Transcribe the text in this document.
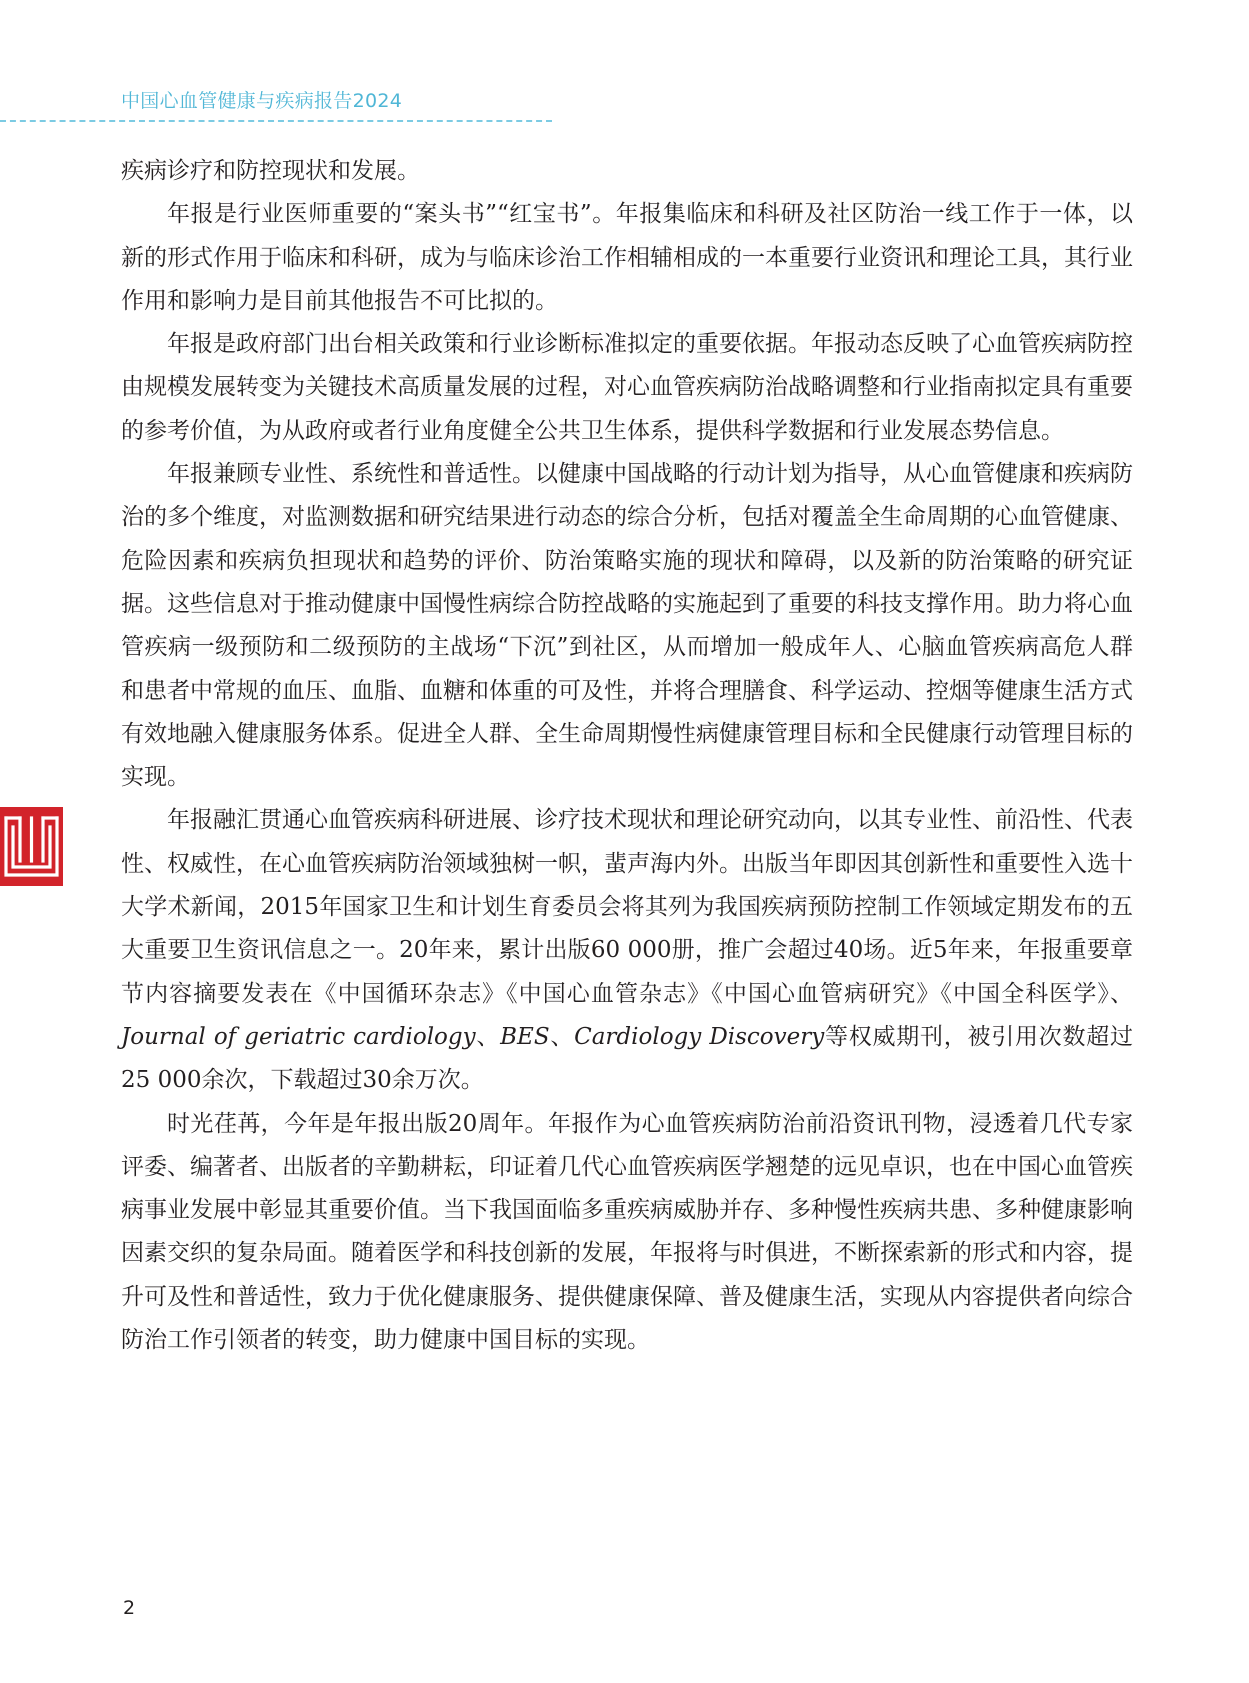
中国心血管健康与疾病报告2024

疾病诊疗和防控现状和发展。

年报是行业医师重要的“案头书”“红宝书”。年报集临床和科研及社区防治一线工作于一体，以新的形式作用于临床和科研，成为与临床诊治工作相辅相成的一本重要行业资讯和理论工具，其行业作用和影响力是目前其他报告不可比拟的。

年报是政府部门出台相关政策和行业诊断标准拟定的重要依据。年报动态反映了心血管疾病防控由规模发展转变为关键技术高质量发展的过程，对心血管疾病防治战略调整和行业指南拟定具有重要的参考价值，为从政府或者行业角度健全公共卫生体系，提供科学数据和行业发展态势信息。

年报兼顾专业性、系统性和普适性。以健康中国战略的行动计划为指导，从心血管健康和疾病防治的多个维度，对监测数据和研究结果进行动态的综合分析，包括对覆盖全生命周期的心血管健康、危险因素和疾病负担现状和趋势的评价、防治策略实施的现状和障碍，以及新的防治策略的研究证据。这些信息对于推动健康中国慢性病综合防控战略的实施起到了重要的科技支撑作用。助力将心血管疾病一级预防和二级预防的主战场“下沉”到社区，从而增加一般成年人、心脑血管疾病高危人群和患者中常规的血压、血脂、血糖和体重的可及性，并将合理膳食、科学运动、控烟等健康生活方式有效地融入健康服务体系。促进全人群、全生命周期慢性病健康管理目标和全民健康行动管理目标的实现。

年报融汇贯通心血管疾病科研进展、诊疗技术现状和理论研究动向，以其专业性、前沿性、代表性、权威性，在心血管疾病防治领域独树一帜，蜚声海内外。出版当年即因其创新性和重要性入选十大学术新闻，2015年国家卫生和计划生育委员会将其列为我国疾病预防控制工作领域定期发布的五大重要卫生资讯信息之一。20年来，累计出版60 000册，推广会超过40场。近5年来，年报重要章节内容摘要发表在《中国循环杂志》《中国心血管杂志》《中国心血管病研究》《中国全科医学》、Journal of geriatric cardiology、BES、Cardiology Discovery等权威期刊，被引用次数超过25 000余次，下载超过30余万次。

时光荏苒，今年是年报出版20周年。年报作为心血管疾病防治前沿资讯刊物，浸透着几代专家评委、编著者、出版者的辛勤耕耘，印证着几代心血管疾病医学翘楚的远见卓识，也在中国心血管疾病事业发展中彰显其重要价值。当下我国面临多重疾病威胁并存、多种慢性疾病共患、多种健康影响因素交织的复杂局面。随着医学和科技创新的发展，年报将与时俱进，不断探索新的形式和内容，提升可及性和普适性，致力于优化健康服务、提供健康保障、普及健康生活，实现从内容提供者向综合防治工作引领者的转变，助力健康中国目标的实现。

2
